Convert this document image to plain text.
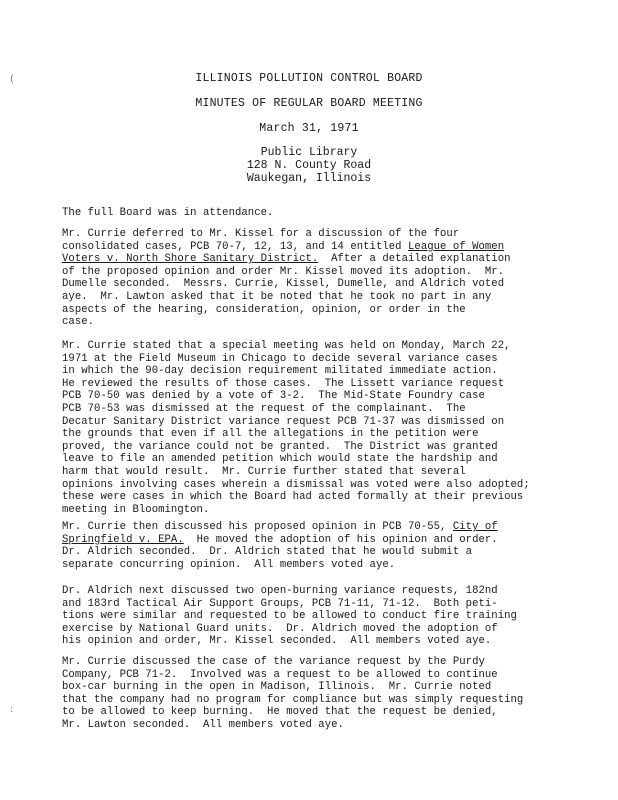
(
:
ILLINOIS POLLUTION CONTROL BOARD
MINUTES OF REGULAR BOARD MEETING
March 31, 1971
Public Library
128 N. County Road
Waukegan, Illinois
The full Board was in attendance.
Mr. Currie deferred to Mr. Kissel for a discussion of the four
consolidated cases, PCB 70-7, 12, 13, and 14 entitled League of Women
Voters v. North Shore Sanitary District.  After a detailed explanation
of the proposed opinion and order Mr. Kissel moved its adoption.  Mr.
Dumelle seconded.  Messrs. Currie, Kissel, Dumelle, and Aldrich voted
aye.  Mr. Lawton asked that it be noted that he took no part in any
aspects of the hearing, consideration, opinion, or order in the
case.
Mr. Currie stated that a special meeting was held on Monday, March 22,
1971 at the Field Museum in Chicago to decide several variance cases
in which the 90-day decision requirement militated immediate action.
He reviewed the results of those cases.  The Lissett variance request
PCB 70-50 was denied by a vote of 3-2.  The Mid-State Foundry case
PCB 70-53 was dismissed at the request of the complainant.  The
Decatur Sanitary District variance request PCB 71-37 was dismissed on
the grounds that even if all the allegations in the petition were
proved, the variance could not be granted.  The District was granted
leave to file an amended petition which would state the hardship and
harm that would result.  Mr. Currie further stated that several
opinions involving cases wherein a dismissal was voted were also adopted;
these were cases in which the Board had acted formally at their previous
meeting in Bloomington.
Mr. Currie then discussed his proposed opinion in PCB 70-55, City of
Springfield v. EPA.  He moved the adoption of his opinion and order.
Dr. Aldrich seconded.  Dr. Aldrich stated that he would submit a
separate concurring opinion.  All members voted aye.
Dr. Aldrich next discussed two open-burning variance requests, 182nd
and 183rd Tactical Air Support Groups, PCB 71-11, 71-12.  Both peti-
tions were similar and requested to be allowed to conduct fire training
exercise by National Guard units.  Dr. Aldrich moved the adoption of
his opinion and order, Mr. Kissel seconded.  All members voted aye.
Mr. Currie discussed the case of the variance request by the Purdy
Company, PCB 71-2.  Involved was a request to be allowed to continue
box-car burning in the open in Madison, Illinois.  Mr. Currie noted
that the company had no program for compliance but was simply requesting
to be allowed to keep burning.  He moved that the request be denied,
Mr. Lawton seconded.  All members voted aye.
